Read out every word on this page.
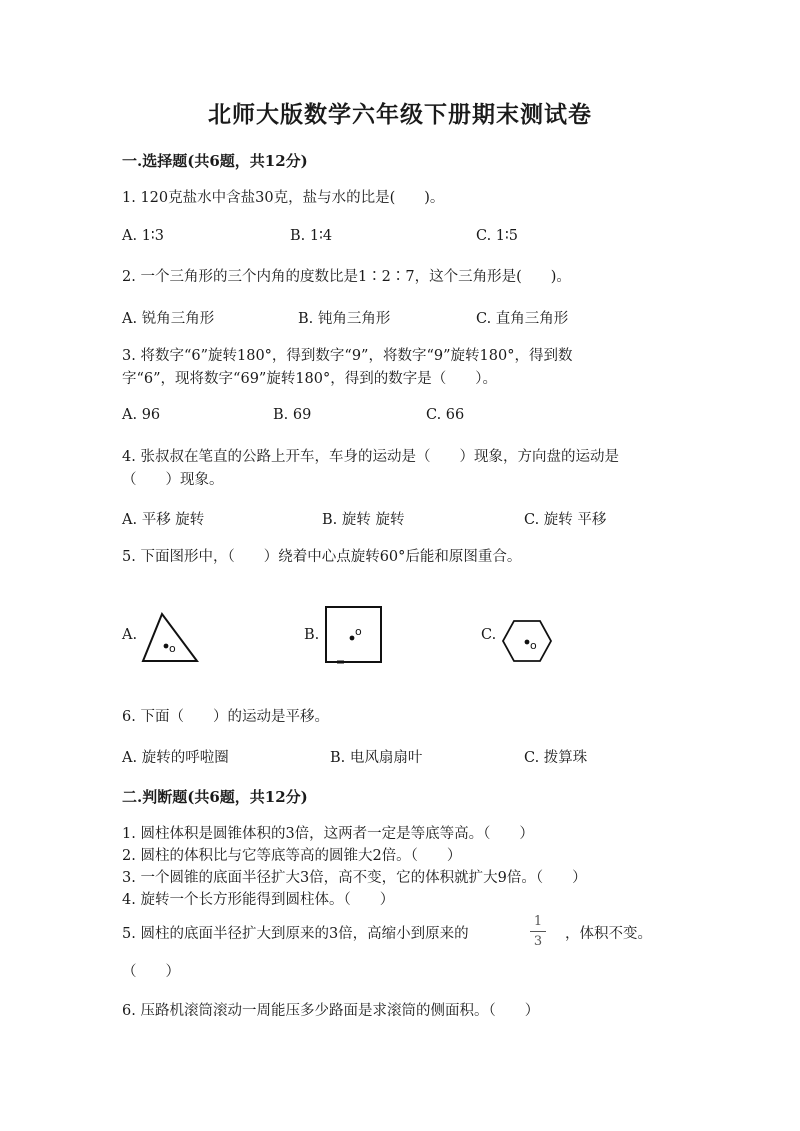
北师大版数学六年级下册期末测试卷
一.选择题(共6题，共12分)
1. 120克盐水中含盐30克，盐与水的比是(　　)。
A. 1∶3	B. 1∶4	C. 1∶5
2. 一个三角形的三个内角的度数比是1∶2∶7，这个三角形是(　　)。
A. 锐角三角形	B. 钝角三角形	C. 直角三角形
3. 将数字“6”旋转180°，得到数字“9”，将数字“9”旋转180°，得到数
字“6”，现将数字“69”旋转180°，得到的数字是（　　）。
A. 96	B. 69	C. 66
4. 张叔叔在笔直的公路上开车，车身的运动是（　　）现象，方向盘的运动是
（　　）现象。
A. 平移 旋转	B. 旋转 旋转	C. 旋转 平移
5. 下面图形中，（　　）绕着中心点旋转60°后能和原图重合。
A.	B.	C.
o
o
o
6. 下面（　　）的运动是平移。
A. 旋转的呼啦圈	B. 电风扇扇叶	C. 拨算珠
二.判断题(共6题，共12分)
1. 圆柱体积是圆锥体积的3倍，这两者一定是等底等高。（　　）
2. 圆柱的体积比与它等底等高的圆锥大2倍。（　　）
3. 一个圆锥的底面半径扩大3倍，高不变，它的体积就扩大9倍。（　　）
4. 旋转一个长方形能得到圆柱体。（　　）
5. 圆柱的底面半径扩大到原来的3倍，高缩小到原来的
1
3 ，体积不变。
（　　）
6. 压路机滚筒滚动一周能压多少路面是求滚筒的侧面积。（　　）
